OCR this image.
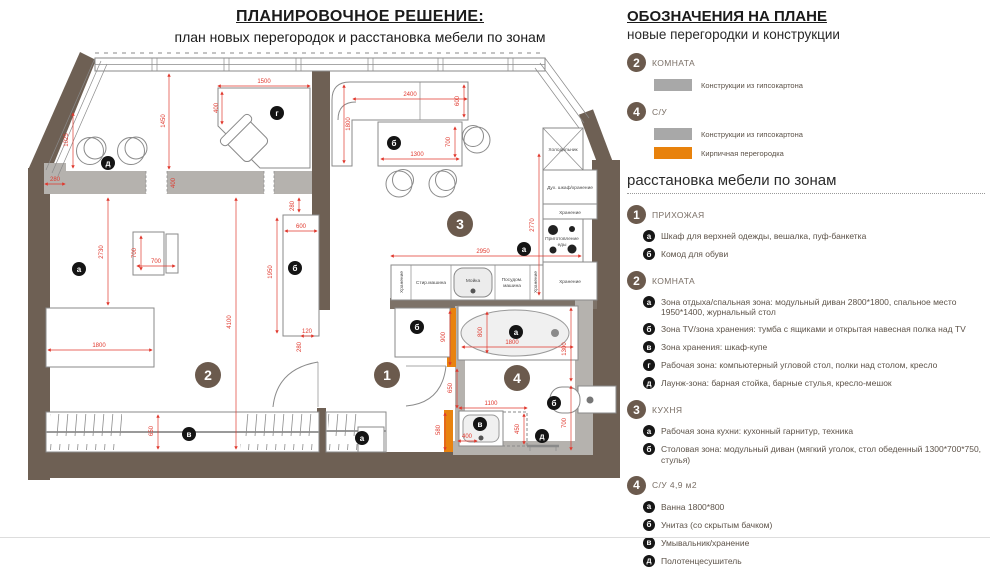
ПЛАНИРОВОЧНОЕ РЕШЕНИЕ:
план новых перегородок и расстановка мебели по зонам
Холодильник
Дух. шкаф/хранение
Хранение
Приготовление
еды
Хранение
Хранение Стир.машина	Мойка	Посудом.
машина	Хранение
1500
400
1450
1025
280	400
2400
600
1800
1300
700
2770
2950
2730
4100
700
700
1800
600
1950
280
120
280
650
900
650
580
1100
450
400
800
1800	1300
700
1
2
3
4
д
г
б
а
б
а
в	а
б
а
б
в
д
ОБОЗНАЧЕНИЯ НА ПЛАНЕ
новые перегородки и конструкции
2	КОМНАТА
Конструкции из гипсокартона
4	С/У
Конструкции из гипсокартона
Кирпичная перегородка
расстановка мебели по зонам
1	ПРИХОЖАЯ
а	Шкаф для верхней одежды, вешалка, пуф-банкетка
б	Комод для обуви
2	КОМНАТА
а	Зона отдыха/спальная зона: модульный диван 2800*1800, спальное место 1950*1400, журнальный стол
б	Зона TV/зона хранения: тумба с ящиками и открытая навесная полка над TV
в	Зона хранения: шкаф-купе
г	Рабочая зона: компьютерный угловой стол, полки над столом, кресло
д	Лаунж-зона: барная стойка, барные стулья, кресло-мешок
3	КУХНЯ
а	Рабочая зона кухни: кухонный гарнитур, техника
б	Столовая зона: модульный диван (мягкий уголок, стол обеденный 1300*700*750, стулья)
4	С/У 4,9 м2
а	Ванна 1800*800
б	Унитаз (со скрытым бачком)
в	Умывальник/хранение
д	Полотенцесушитель
